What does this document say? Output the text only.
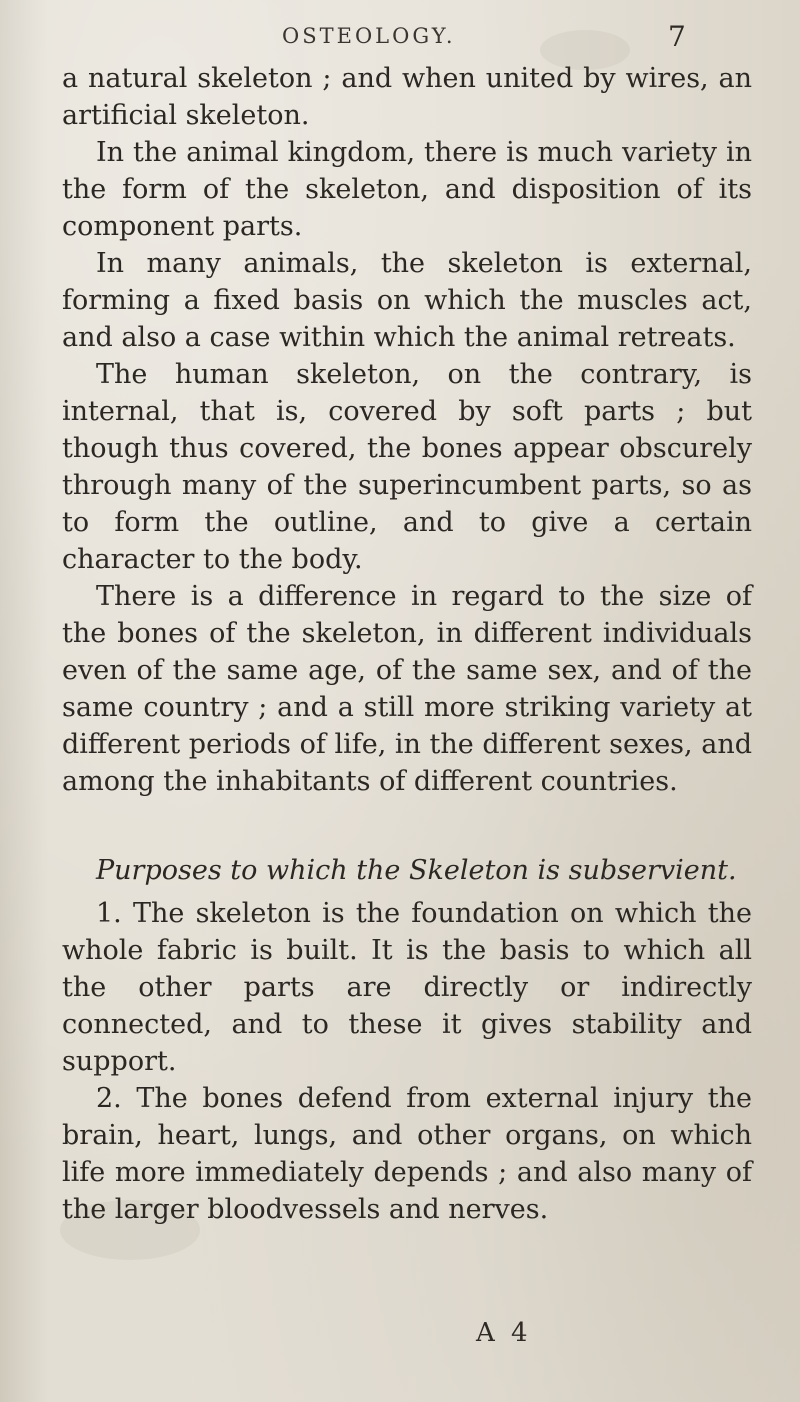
OSTEOLOGY.	7

a natural skeleton ; and when united by wires, an artificial skeleton.

In the animal kingdom, there is much variety in the form of the skeleton, and disposition of its component parts.

In many animals, the skeleton is external, forming a fixed basis on which the muscles act, and also a case within which the animal retreats.

The human skeleton, on the contrary, is internal, that is, covered by soft parts ; but though thus covered, the bones appear obscurely through many of the superincumbent parts, so as to form the outline, and to give a certain character to the body.

There is a difference in regard to the size of the bones of the skeleton, in different individuals even of the same age, of the same sex, and of the same country ; and a still more striking variety at different periods of life, in the different sexes, and among the inhabitants of different countries.

Purposes to which the Skeleton is subservient.

1. The skeleton is the foundation on which the whole fabric is built. It is the basis to which all the other parts are directly or indirectly connected, and to these it gives stability and support.

2. The bones defend from external injury the brain, heart, lungs, and other organs, on which life more immediately depends ; and also many of the larger bloodvessels and nerves.

A 4
